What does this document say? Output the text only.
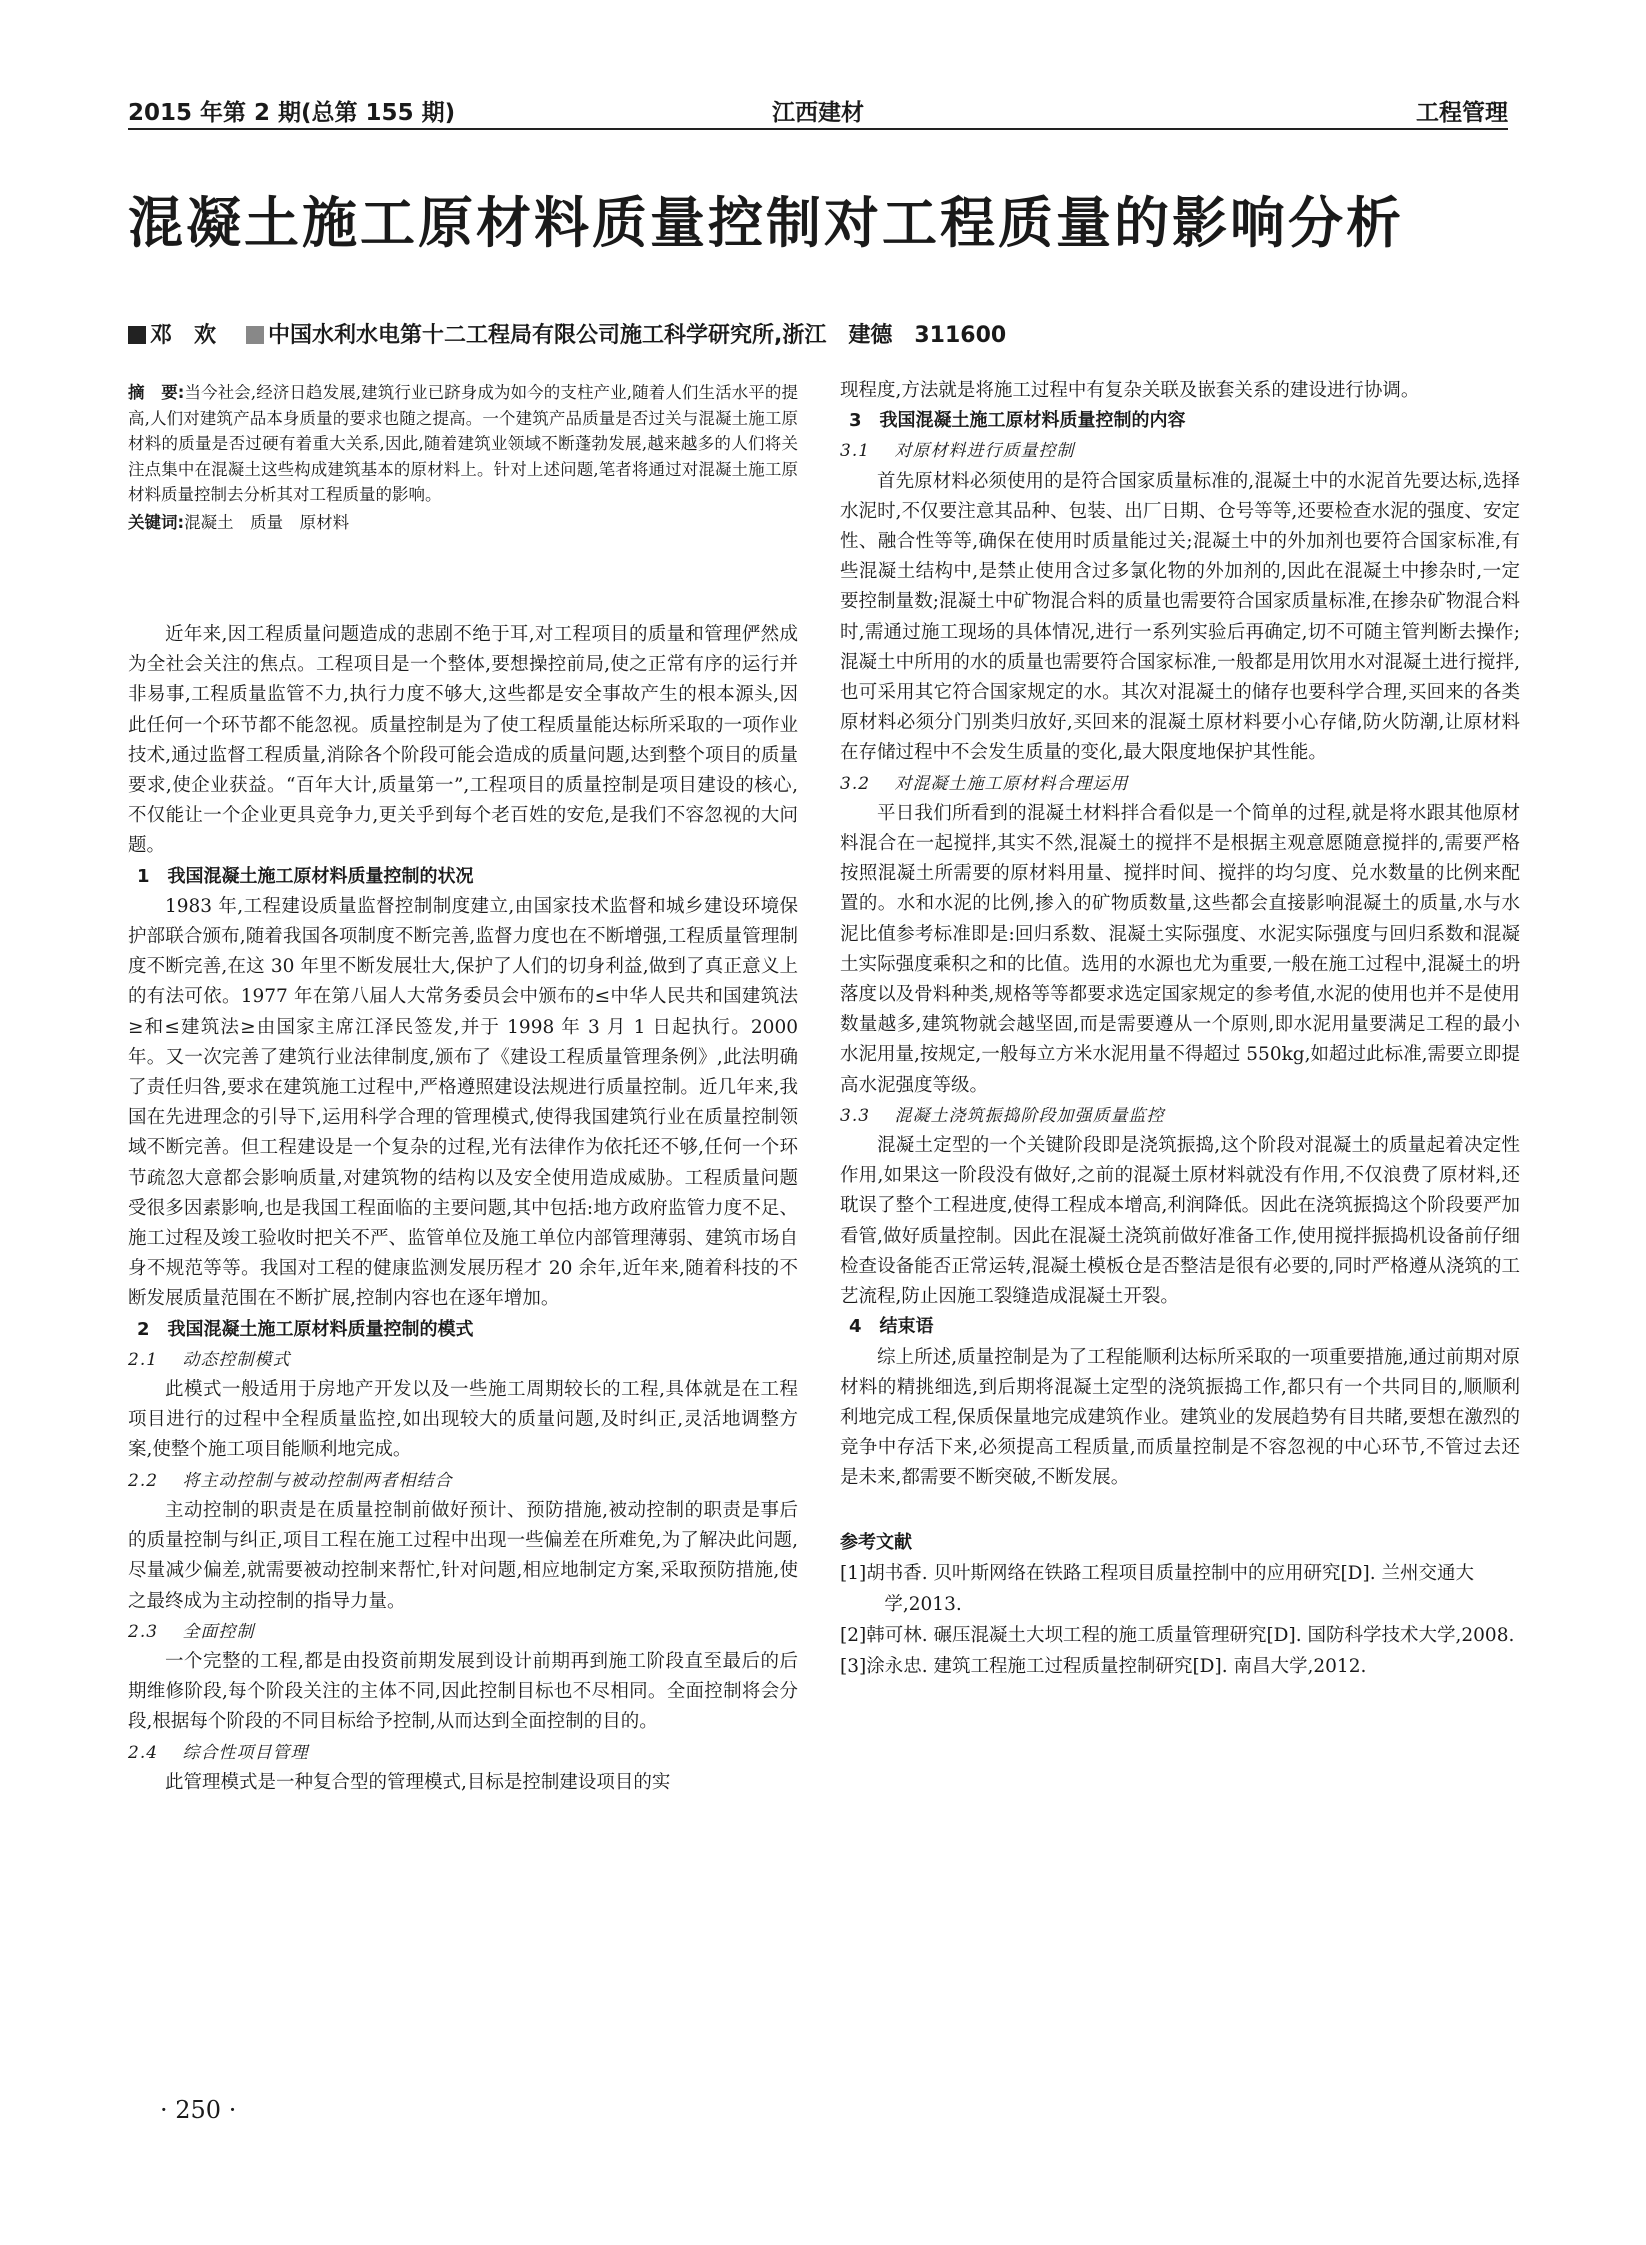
2015 年第 2 期(总第 155 期)	江西建材	工程管理
混凝土施工原材料质量控制对工程质量的影响分析
邓　欢 中国水利水电第十二工程局有限公司施工科学研究所,浙江　建德　311600
摘　要:当今社会,经济日趋发展,建筑行业已跻身成为如今的支柱产业,随着人们生活水平的提高,人们对建筑产品本身质量的要求也随之提高。一个建筑产品质量是否过关与混凝土施工原材料的质量是否过硬有着重大关系,因此,随着建筑业领域不断蓬勃发展,越来越多的人们将关注点集中在混凝土这些构成建筑基本的原材料上。针对上述问题,笔者将通过对混凝土施工原材料质量控制去分析其对工程质量的影响。
关键词:混凝土　质量　原材料

近年来,因工程质量问题造成的悲剧不绝于耳,对工程项目的质量和管理俨然成为全社会关注的焦点。工程项目是一个整体,要想操控前局,使之正常有序的运行并非易事,工程质量监管不力,执行力度不够大,这些都是安全事故产生的根本源头,因此任何一个环节都不能忽视。质量控制是为了使工程质量能达标所采取的一项作业技术,通过监督工程质量,消除各个阶段可能会造成的质量问题,达到整个项目的质量要求,使企业获益。“百年大计,质量第一”,工程项目的质量控制是项目建设的核心,不仅能让一个企业更具竞争力,更关乎到每个老百姓的安危,是我们不容忽视的大问题。

1　我国混凝土施工原材料质量控制的状况

1983 年,工程建设质量监督控制制度建立,由国家技术监督和城乡建设环境保护部联合颁布,随着我国各项制度不断完善,监督力度也在不断增强,工程质量管理制度不断完善,在这 30 年里不断发展壮大,保护了人们的切身利益,做到了真正意义上的有法可依。1977 年在第八届人大常务委员会中颁布的≤中华人民共和国建筑法≥和≤建筑法≥由国家主席江泽民签发,并于 1998 年 3 月 1 日起执行。2000 年。又一次完善了建筑行业法律制度,颁布了《建设工程质量管理条例》,此法明确了责任归咎,要求在建筑施工过程中,严格遵照建设法规进行质量控制。近几年来,我国在先进理念的引导下,运用科学合理的管理模式,使得我国建筑行业在质量控制领域不断完善。但工程建设是一个复杂的过程,光有法律作为依托还不够,任何一个环节疏忽大意都会影响质量,对建筑物的结构以及安全使用造成威胁。工程质量问题受很多因素影响,也是我国工程面临的主要问题,其中包括:地方政府监管力度不足、施工过程及竣工验收时把关不严、监管单位及施工单位内部管理薄弱、建筑市场自身不规范等等。我国对工程的健康监测发展历程才 20 余年,近年来,随着科技的不断发展质量范围在不断扩展,控制内容也在逐年增加。

2　我国混凝土施工原材料质量控制的模式

2.1　 动态控制模式

此模式一般适用于房地产开发以及一些施工周期较长的工程,具体就是在工程项目进行的过程中全程质量监控,如出现较大的质量问题,及时纠正,灵活地调整方案,使整个施工项目能顺利地完成。

2.2　 将主动控制与被动控制两者相结合

主动控制的职责是在质量控制前做好预计、预防措施,被动控制的职责是事后的质量控制与纠正,项目工程在施工过程中出现一些偏差在所难免,为了解决此问题,尽量减少偏差,就需要被动控制来帮忙,针对问题,相应地制定方案,采取预防措施,使之最终成为主动控制的指导力量。

2.3　 全面控制

一个完整的工程,都是由投资前期发展到设计前期再到施工阶段直至最后的后期维修阶段,每个阶段关注的主体不同,因此控制目标也不尽相同。全面控制将会分段,根据每个阶段的不同目标给予控制,从而达到全面控制的目的。

2.4　 综合性项目管理

此管理模式是一种复合型的管理模式,目标是控制建设项目的实

现程度,方法就是将施工过程中有复杂关联及嵌套关系的建设进行协调。

3　我国混凝土施工原材料质量控制的内容

3.1　 对原材料进行质量控制

首先原材料必须使用的是符合国家质量标准的,混凝土中的水泥首先要达标,选择水泥时,不仅要注意其品种、包装、出厂日期、仓号等等,还要检查水泥的强度、安定性、融合性等等,确保在使用时质量能过关;混凝土中的外加剂也要符合国家标准,有些混凝土结构中,是禁止使用含过多氯化物的外加剂的,因此在混凝土中掺杂时,一定要控制量数;混凝土中矿物混合料的质量也需要符合国家质量标准,在掺杂矿物混合料时,需通过施工现场的具体情况,进行一系列实验后再确定,切不可随主管判断去操作;混凝土中所用的水的质量也需要符合国家标准,一般都是用饮用水对混凝土进行搅拌,也可采用其它符合国家规定的水。其次对混凝土的储存也要科学合理,买回来的各类原材料必须分门别类归放好,买回来的混凝土原材料要小心存储,防火防潮,让原材料在存储过程中不会发生质量的变化,最大限度地保护其性能。

3.2　 对混凝土施工原材料合理运用

平日我们所看到的混凝土材料拌合看似是一个简单的过程,就是将水跟其他原材料混合在一起搅拌,其实不然,混凝土的搅拌不是根据主观意愿随意搅拌的,需要严格按照混凝土所需要的原材料用量、搅拌时间、搅拌的均匀度、兑水数量的比例来配置的。水和水泥的比例,掺入的矿物质数量,这些都会直接影响混凝土的质量,水与水泥比值参考标准即是:回归系数、混凝土实际强度、水泥实际强度与回归系数和混凝土实际强度乘积之和的比值。选用的水源也尤为重要,一般在施工过程中,混凝土的坍落度以及骨料种类,规格等等都要求选定国家规定的参考值,水泥的使用也并不是使用数量越多,建筑物就会越坚固,而是需要遵从一个原则,即水泥用量要满足工程的最小水泥用量,按规定,一般每立方米水泥用量不得超过 550kg,如超过此标准,需要立即提高水泥强度等级。

3.3　 混凝土浇筑振捣阶段加强质量监控

混凝土定型的一个关键阶段即是浇筑振捣,这个阶段对混凝土的质量起着决定性作用,如果这一阶段没有做好,之前的混凝土原材料就没有作用,不仅浪费了原材料,还耽误了整个工程进度,使得工程成本增高,利润降低。因此在浇筑振捣这个阶段要严加看管,做好质量控制。因此在混凝土浇筑前做好准备工作,使用搅拌振捣机设备前仔细检查设备能否正常运转,混凝土模板仓是否整洁是很有必要的,同时严格遵从浇筑的工艺流程,防止因施工裂缝造成混凝土开裂。

4　结束语

综上所述,质量控制是为了工程能顺利达标所采取的一项重要措施,通过前期对原材料的精挑细选,到后期将混凝土定型的浇筑振捣工作,都只有一个共同目的,顺顺利利地完成工程,保质保量地完成建筑作业。建筑业的发展趋势有目共睹,要想在激烈的竞争中存活下来,必须提高工程质量,而质量控制是不容忽视的中心环节,不管过去还是未来,都需要不断突破,不断发展。

参考文献

[1]胡书香. 贝叶斯网络在铁路工程项目质量控制中的应用研究[D]. 兰州交通大学,2013.

[2]韩可林. 碾压混凝土大坝工程的施工质量管理研究[D]. 国防科学技术大学,2008.

[3]涂永忠. 建筑工程施工过程质量控制研究[D]. 南昌大学,2012.

· 250 ·
